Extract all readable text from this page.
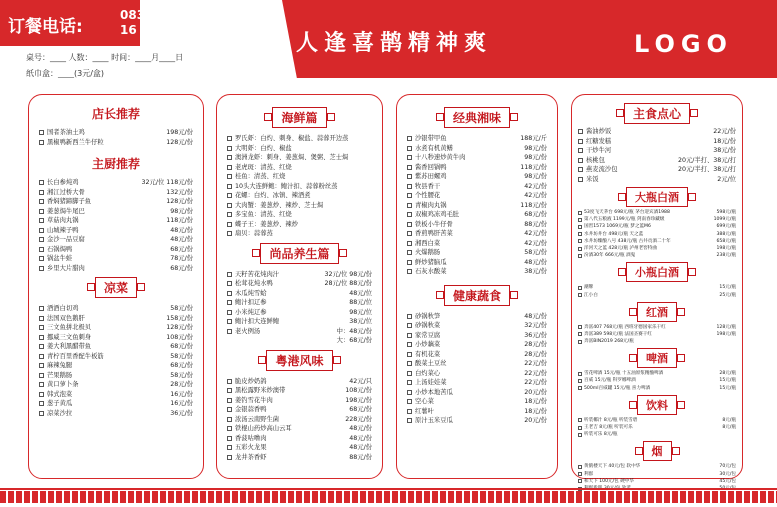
订餐电话:
0831-16	人逢喜鹊精神爽	LOGO
桌号：____ 人数：____ 时间：____月____日
纸巾盒：____(3元/盒)
店长推荐
国者茶油土鸡	198元/份
黑椒鸭新西兰牛仔粒	128元/份
主厨推荐
长白参炖鸡	32元/位 118元/份
湘江过桥大骨	132元/份
香焖猪蹄脚子鱼	128元/份
姜葱焗牛尾巴	98元/份
草菇肉丸锅	118元/份
山城辣子鸭	48元/份
金沙一品豆腐	48元/份
石锅焗鸭	68元/份
锅盆牛蛙	78元/份
乡里大片腊肉	68元/份
凉菜
酒酒白切鸡	58元/份
法国双色鹅肝	158元/份
三文鱼拼北极贝	128元/份
挪威三文鱼刺身	108元/份
姜大利黑醋带鱼	68元/份
青柠百里香配牛板筋	58元/份
麻辣兔腿	68元/份
芒果鹅肠	58元/份
黄口萝卜条	28元/份
韩式泡菜	16元/份
葱子黄瓜	16元/份
凉菜沙拉	36元/份
海鲜篇
罗氏虾：白灼、刺身、椒盐、蒜蓉开边蒸
大明虾：白灼、椒盐
澳洲龙虾：刺身、姜葱焗、煲粥、芝士焗
老虎斑：清蒸、红烧
桂鱼：清蒸、红烧
10头大连鲜鲍：鲍汁扣、蒜蓉粉丝蒸
花螺：白灼、冰镇、辣酒煮
大肉蟹：姜葱炒、辣炒、芝士焗
多宝鱼：清蒸、红烧
蝶子王：姜葱炒、辣炒
扇贝：蒜蓉蒸
尚品养生篇
天籽苦花炖肉汁	32元/位 98元/份
松茸花炖水鸭	28元/位 88元/份
木瓜炖雪蛤	48元/位
鲍汁扣辽参	88元/位
小米炖辽参	98元/位
鲍汁扣大连鲜鲍	38元/位
老火例汤	中：48元/份
大：68元/份
粤港风味
脆皮炒奶鸽	42元/只
黑松露野米炒澳带	108元/份
姜钓雪花牛肉	198元/份
金银蒜香鸭	68元/份
浓汤云南野生菌	228元/份
铁棍山药炒高山云耳	48元/份
香菠咕噜肉	48元/份
五彩火龙果	48元/份
龙井茶香虾	88元/份
经典湘味
沙银带甲鱼	188元/斤
水煮有机黄鳝	98元/份
十八秒速炒黄牛肉	98元/份
酱香回锅鸭	118元/份
紫苏田螺鸡	98元/份
牧县香干	42元/份
个性腰花	42元/份
青椒肉丸锅	118元/份
双椒鸡冻鸡毛肚	68元/份
铁板小牛仔骨	88元/份
香煎鸭肝苦菜	42元/份
湘西白菜	42元/份
火爆鹅肠	58元/份
鲜炒猪脑瓜	48元/份
石灰水酸菜	38元/份
健康蔬食
砂锅秋笋	48元/份
砂锅秋菜	32元/份
家常豆腐	36元/份
小炒藕菜	28元/份
有机花菜	28元/份
酸菜土豆丝	22元/份
白灼菜心	22元/份
上汤娃娃菜	22元/份
小炒本地苦瓜	20元/份
空心菜	18元/份
红薯叶	18元/份
原汁玉米豆瓜	20元/份
主食点心
酱油炒饭	22元/份
红糖发糕	18元/份
干炒牛河	38元/份
核桃包	20元/半打、38元/打
燕麦流沙包	20元/半打、38元/打
米饭	2元/位
大瓶白酒
53度飞天茅台 698元/瓶 茅台迎宾酒1988	598元/瓶
第八代五粮液 1199元/瓶 剑南春珍藏级	1099元/瓶
国窖1573 1069元/瓶 梦之蓝M6	699元/瓶
水井坊井台 498元/瓶 天之蓝	388元/瓶
水井坊臻酿八号 438元/瓶 古井贡酒二十年	658元/瓶
洋河天之蓝 428元/瓶 泸州老窖特曲	198元/瓶
汾酒30年 666元/瓶 酒鬼	238元/瓶
小瓶白酒
潮牌	15元/瓶
江小白	25元/瓶
红酒
奔富407 768元/瓶 西班牙德国家乐干红	128元/瓶
奔富389 598元/瓶 法国圣赛干红	198元/瓶
奔富BIN2019 268元/瓶
啤酒
雪花啤酒 15元/瓶 十五油原浆精酿啤酒	28元/瓶
百威 15元/瓶 科罗娜啤酒	15元/瓶
500ml百威罐 15元/瓶 喜力啤酒	15元/瓶
饮料
听装椰汁 8元/瓶 听装雪碧	8元/瓶
王老吉 8元/瓶 听装可乐	8元/瓶
听装可乐 8元/瓶
烟
黄鹤楼天下 40元/包 软中华	70元/包
利群	30元/包
和天下 100元/包 硬中华	45元/包
